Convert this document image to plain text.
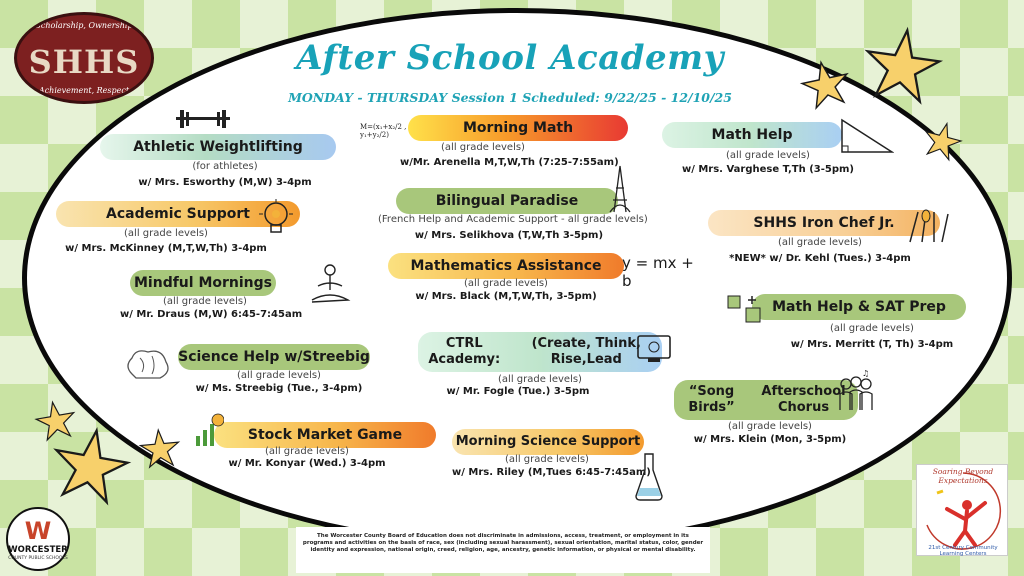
Scholarship, Ownership
SHHS
Achievement, Respect
After School Academy
MONDAY - THURSDAY Session 1 Scheduled: 9/22/25 - 12/10/25
Athletic Weightlifting
(for athletes)
w/ Mrs. Esworthy (M,W) 3-4pm
Academic Support
(all grade levels)
w/ Mrs. McKinney (M,T,W,Th) 3-4pm
Mindful Mornings
(all grade levels)
w/ Mr. Draus (M,W) 6:45-7:45am
Science Help w/Streebig
(all grade levels)
w/ Ms. Streebig (Tue., 3-4pm)
Stock Market Game
(all grade levels)
w/ Mr. Konyar (Wed.) 3-4pm
Morning Math
(all grade levels)
w/Mr. Arenella M,T,W,Th (7:25-7:55am)
Bilingual Paradise
(French Help and Academic Support - all grade levels)
w/ Mrs. Selikhova (T,W,Th 3-5pm)
Mathematics Assistance
(all grade levels)
w/ Mrs. Black (M,T,W,Th, 3-5pm)
CTRL Academy:

(Create, Think, Rise,Lead
(all grade levels)
w/ Mr. Fogle (Tue.) 3-5pm
Morning Science Support
(all grade levels)
w/ Mrs. Riley (M,Tues 6:45-7:45am)
Math Help
(all grade levels)
w/ Mrs. Varghese T,Th (3-5pm)
SHHS Iron Chef Jr.
(all grade levels)
*NEW* w/ Dr. Kehl (Tues.) 3-4pm
Math Help & SAT Prep
(all grade levels)
w/ Mrs. Merritt (T, Th) 3-4pm
“Song Birds”

Afterschool Chorus
(all grade levels)
w/ Mrs. Klein (Mon, 3-5pm)
M=(x₁+x₂/2 , y₁+y₂/2)
y = mx + b
♫
W
WORCESTER
COUNTY PUBLIC SCHOOLS
The Worcester County Board of Education does not discriminate in admissions, access, treatment, or employment in its programs and activities on the basis of race, sex (including sexual harassment), sexual orientation, marital status, color, gender identity and expression, national origin, creed, religion, age, ancestry, genetic information, or physical or mental disability.
Soaring Beyond Expectations
21st Century Community Learning Centers
